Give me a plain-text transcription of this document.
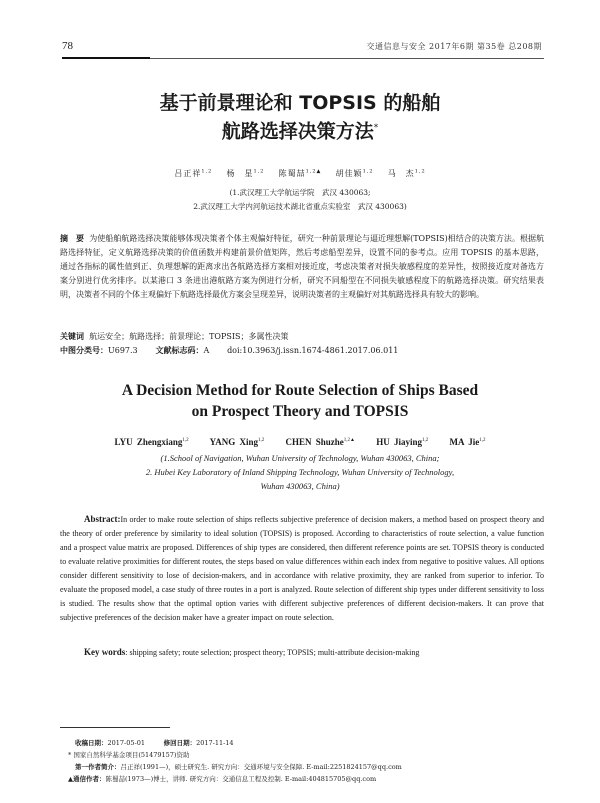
78	交通信息与安全 2017年6期 第35卷 总208期
基于前景理论和 TOPSIS 的船舶
航路选择决策方法*
吕正祥$^{1,2}$ 杨　星$^{1,2}$ 陈蜀喆$^{1,2▲}$ 胡佳颖$^{1,2}$ 马　杰$^{1,2}$
(1.武汉理工大学航运学院　武汉 430063;
2.武汉理工大学内河航运技术湖北省重点实验室　武汉 430063)
摘　要 为使船舶航路选择决策能够体现决策者个体主观偏好特征，研究一种前景理论与逼近理想解(TOPSIS)相结合的决策方法。根据航路选择特征，定义航路选择决策的价值函数并构建前景价值矩阵，然后考虑船型差异，设置不同的参考点。应用 TOPSIS 的基本思路，通过各指标的属性值到正、负理想解的距离求出各航路选择方案相对接近度，考虑决策者对损失敏感程度的差异性，按照接近度对备选方案分别进行优劣排序。以某港口 3 条进出港航路方案为例进行分析，研究不同船型在不同损失敏感程度下的航路选择决策。研究结果表明，决策者不同的个体主观偏好下航路选择最优方案会呈现差异，说明决策者的主观偏好对其航路选择具有较大的影响。
关键词 航运安全；航路选择；前景理论；TOPSIS；多属性决策
中图分类号：U697.3 文献标志码：A doi:10.3963/j.issn.1674-4861.2017.06.011
A Decision Method for Route Selection of Ships Based
on Prospect Theory and TOPSIS
LYU Zhengxiang$^{1,2}$ YANG Xing$^{1,2}$ CHEN Shuzhe$^{1,2▲}$ HU Jiaying$^{1,2}$ MA Jie$^{1,2}$
(1.School of Navigation, Wuhan University of Technology, Wuhan 430063, China;
2. Hubei Key Laboratory of Inland Shipping Technology, Wuhan University of Technology,
Wuhan 430063, China)
Abstract:In order to make route selection of ships reflects subjective preference of decision makers, a method based on prospect theory and the theory of order preference by similarity to ideal solution (TOPSIS) is proposed. According to characteristics of route selection, a value function and a prospect value matrix are proposed. Differences of ship types are considered, then different reference points are set. TOPSIS theory is conducted to evaluate relative proximities for different routes, the steps based on value differences within each index from negative to positive values. All options consider different sensitivity to lose of decision-makers, and in accordance with relative proximity, they are ranked from superior to inferior. To evaluate the proposed model, a case study of three routes in a port is analyzed. Route selection of different ship types under different sensitivity to loss is studied. The results show that the optimal option varies with different subjective preferences of different decision-makers. It can prove that subjective preferences of the decision maker have a greater impact on route selection.
Key words: shipping safety; route selection; prospect theory; TOPSIS; multi-attribute decision-making
收稿日期：2017-05-01	修回日期：2017-11-14
* 国家自然科学基金项目(51479157)资助
第一作者简介：吕正祥(1991—)，硕士研究生. 研究方向：交通环境与安全保障. E-mail:2251824157@qq.com
▲通信作者：陈蜀喆(1973—)博士，讲师. 研究方向：交通信息工程及控制. E-mail:404815705@qq.com
